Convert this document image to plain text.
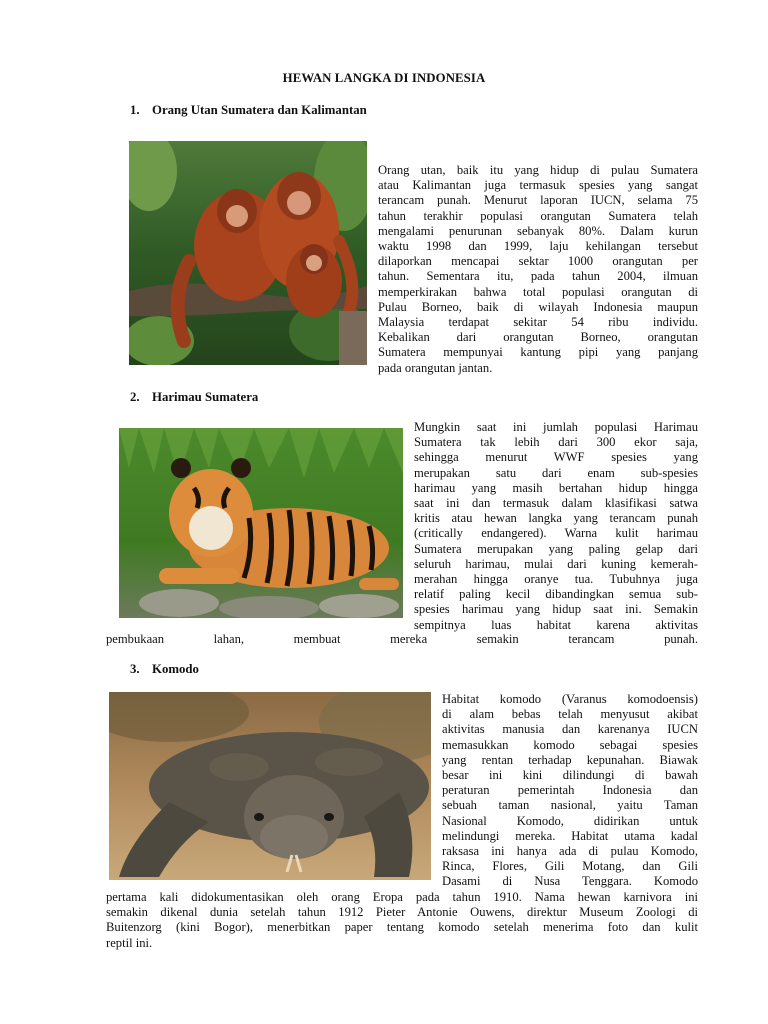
HEWAN LANGKA DI INDONESIA
1. Orang Utan Sumatera dan Kalimantan
Orang utan, baik itu yang hidup di pulau Sumatera
atau Kalimantan juga termasuk spesies yang sangat
terancam punah. Menurut laporan IUCN, selama 75
tahun terakhir populasi orangutan Sumatera telah
mengalami penurunan sebanyak 80%. Dalam kurun
waktu 1998 dan 1999, laju kehilangan tersebut
dilaporkan mencapai sektar 1000 orangutan per
tahun. Sementara itu, pada tahun 2004, ilmuan
memperkirakan bahwa total populasi orangutan di
Pulau Borneo, baik di wilayah Indonesia maupun
Malaysia terdapat sekitar 54 ribu individu.
Kebalikan dari orangutan Borneo, orangutan
Sumatera mempunyai kantung pipi yang panjang
pada orangutan jantan.
2. Harimau Sumatera
Mungkin saat ini jumlah populasi Harimau
Sumatera tak lebih dari 300 ekor saja,
sehingga menurut WWF spesies yang
merupakan satu dari enam sub-spesies
harimau yang masih bertahan hidup hingga
saat ini dan termasuk dalam klasifikasi satwa
kritis atau hewan langka yang terancam punah
(critically endangered). Warna kulit harimau
Sumatera merupakan yang paling gelap dari
seluruh harimau, mulai dari kuning kemerah-
merahan hingga oranye tua. Tubuhnya juga
relatif paling kecil dibandingkan semua sub-
spesies harimau yang hidup saat ini. Semakin
sempitnya luas habitat karena aktivitas
pembukaan lahan, membuat mereka semakin terancam punah.
3. Komodo
Habitat komodo (Varanus komodoensis)
di alam bebas telah menyusut akibat
aktivitas manusia dan karenanya IUCN
memasukkan komodo sebagai spesies
yang rentan terhadap kepunahan. Biawak
besar ini kini dilindungi di bawah
peraturan pemerintah Indonesia dan
sebuah taman nasional, yaitu Taman
Nasional Komodo, didirikan untuk
melindungi mereka. Habitat utama kadal
raksasa ini hanya ada di pulau Komodo,
Rinca, Flores, Gili Motang, dan Gili
Dasami di Nusa Tenggara. Komodo
pertama kali didokumentasikan oleh orang Eropa pada tahun 1910. Nama hewan karnivora ini
semakin dikenal dunia setelah tahun 1912 Pieter Antonie Ouwens, direktur Museum Zoologi di
Buitenzorg (kini Bogor), menerbitkan paper tentang komodo setelah menerima foto dan kulit
reptil ini.
